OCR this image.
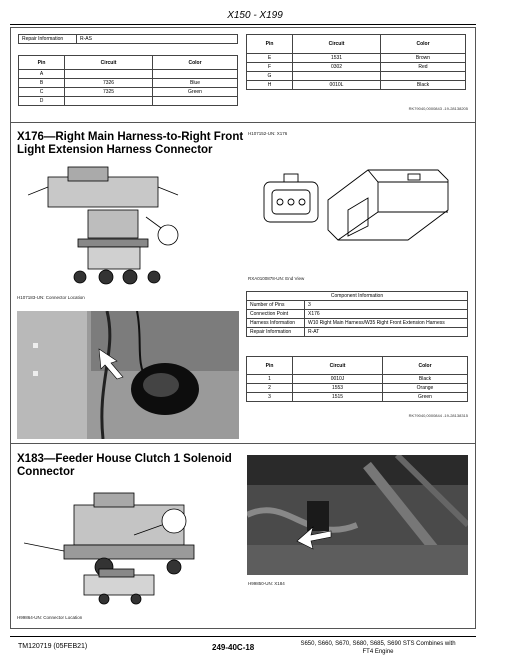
X150 - X199
Repair Information	R-AS
Pin	Circuit	Color
A		
B	7326	Blue
C	7325	Green
D		
Pin	Circuit	Color
E	1531	Brown
F	0302	Red
G		
H	0010L	Black
RK79040,0000843 -19-28138205
X176—Right Main Harness-to-Right Front
Light Extension Harness Connector
H107152-UN: X176
H107183-UN: Connector Location
RXA0100878-UN: End View
Component Information	
Number of Pins	3
Connection Point	X176
Harness Information	W10 Right Main Harness/W35 Right Front Extension Harness
Repair Information	R-AT
Pin	Circuit	Color
1	0010J	Black
2	1553	Orange
3	1515	Green
RK79040,0000844 -19-28138315
X183—Feeder House Clutch 1 Solenoid
Connector
H99864-UN: Connector Location
H99850-UN: X184
TM120719 (05FEB21)	249-40C-18	S650, S660, S670, S680, S685, S690 STS Combines with
FT4 Engine
